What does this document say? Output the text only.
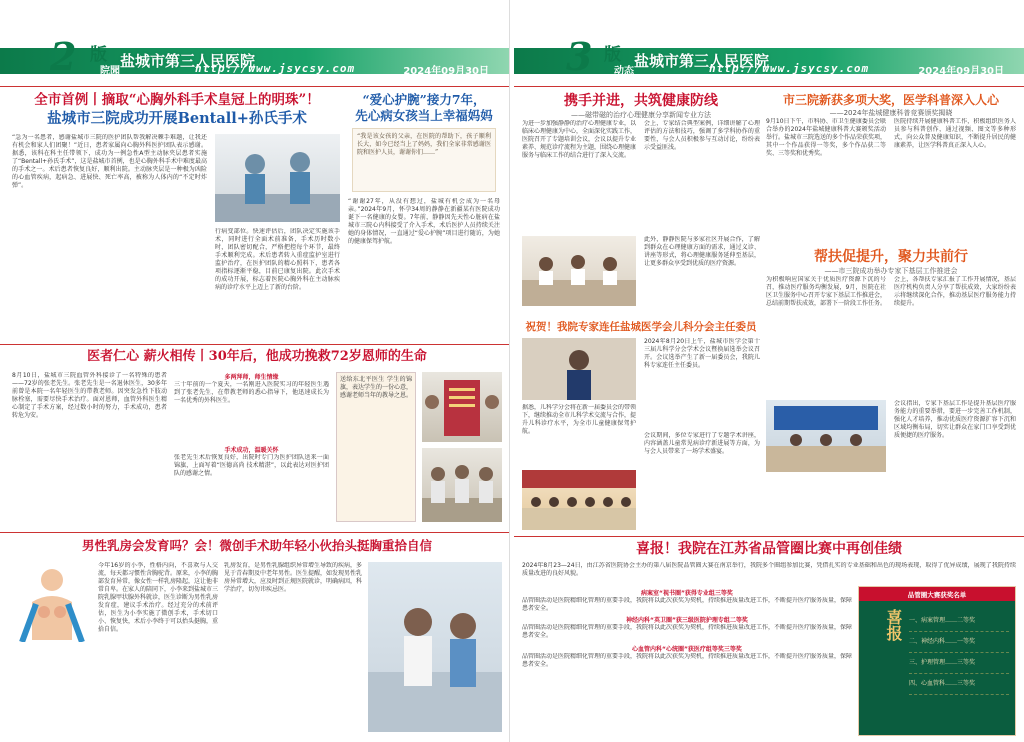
2 版 盐城市第三人民医院
院聞	http://www.jsycsy.com	2024年09月30日
全市首例丨摘取“心胸外科手术皇冠上的明珠”！
盐城市三院成功开展Bentall+孙氏手术
“急为一名患者，感谢盐城市三院的医护团队帮我解决棘手难题，让我还有机会和家人们团聚！”近日，患者家属向心胸外科医护团队表示感谢。据悉，该科在科主任带领下，成功为一例急性A型主动脉夹层患者实施了“Bentall+孙氏手术”，这是盐城市首例，也是心胸外科手术中难度最高的手术之一。术后患者恢复良好，顺利出院。主动脉夹层是一种极为凶险的心血管疾病，起病急、进展快、死亡率高，被称为人体内的“不定时炸弹”。
行病变部位。快速评估后，团队决定实施该手术，同时进行全面术前准备，手术历时数小时，团队密切配合，严格把控每个环节，最终手术顺利完成。术后患者转入重症监护室进行监护治疗，在医护团队的精心照料下，患者各项指标逐渐平稳，目前已康复出院。此次手术的成功开展，标志着医院心胸外科在主动脉疾病的诊疗水平上迈上了新的台阶。
“爱心护腕”接力7年，
先心病女孩当上幸福妈妈
“我是该女孩的父亲，在医院的帮助下，孩子顺利长大，如今已经当上了妈妈，我们全家非常感谢医院和医护人员，谢谢你们……”
“谢谢27年，从没有想过，盐城有机会成为一名母亲。”2024年9月，怀孕34周的静静在新疆某有医院成功诞下一名健康的女婴。7年前，静静因先天性心脏病在盐城市三院心内科接受了介入手术，术后医护人员持续关注她的身体情况，一直通过“爱心护腕”项目进行随访，为她的健康保驾护航。
医者仁心 薪火相传丨30年后，他成功挽救72岁恩师的生命
8月10日，盐城市三院血管外科接诊了一名特殊的患者——72岁的张老先生。张老先生是一名退休医生，30多年前曾是本院一名年轻医生的带教老师。因突发急性下肢动脉栓塞，需要尽快手术治疗。面对恩师，血管外科医生精心制定了手术方案，经过数小时的努力，手术成功，患者转危为安。
多两拜师，师生情缘
三十年前的一个夏天，一名刚进入医院实习的年轻医生遇到了张老先生，在带教老师的悉心指导下，他迅速成长为一名优秀的外科医生。
手术成功，温暖关怀
张老先生术后恢复良好，出院时专门为医护团队送来一面锦旗，上面写着“医德高尚 技术精湛”，以此表达对医护团队的感谢之情。
送给东北平医生 学生的锦旗，表达学生的一份心意，感谢老师当年的教导之恩。
男性乳房会发育吗？会！微创手术助年轻小伙抬头挺胸重拾自信
今年16岁的小李，性格内向，不喜欢与人交流，每天都习惯性含胸驼背。原来，小李的胸部发育异常，像女性一样乳房隆起，这让他非常自卑。在家人的陪同下，小李来到盐城市三院乳腺甲状腺外科就诊，医生诊断为男性乳房发育症，建议手术治疗。经过充分的术前评估，医生为小李实施了微创手术，手术切口小、恢复快，术后小李终于可以抬头挺胸，重拾自信。
乳房发育，是男性乳腺组织异常增生导致的疾病，多见于青春期及中老年男性。医生提醒，如发现男性乳房异常增大，应及时到正规医院就诊，明确病因，科学治疗，切勿讳疾忌医。
3 版 盐城市第三人民医院
动态	http://www.jsycsy.com	2024年09月30日
携手并进，共筑健康防线
——磁带磁的治疗心理健康分享新闻专业方法
为进一步加强静静的治疗心理健康专业，以临床心理健康为中心，全面深化实践工作，医院召开了专题培训会议，会议以提升专业素养、规范诊疗流程为主题，围绕心理健康服务与临床工作的结合进行了深入交流。
会上，专家结合典型案例，详细讲解了心理评估的方法和技巧，强调了多学科协作的重要性，与会人员积极参与互动讨论，纷纷表示受益匪浅。
此外，静静医院与多家社区开展合作，了解到群众在心理健康方面的需求，通过义诊、讲座等形式，将心理健康服务延伸至基层，让更多群众享受到优质的医疗资源。
市三院新获多项大奖，医学科普深入人心
——2024年盐城健康科普竞赛颁奖揭晓
9月10日下午，市科协、市卫生健康委员会联合举办的2024年盐城健康科普大赛颁奖活动举行。盐城市三院选送的多个作品荣获奖项，其中一个作品获得一等奖，多个作品获二等奖、三等奖和优秀奖。
医院持续开展健康科普工作，积极组织医务人员参与科普创作，通过视频、图文等多种形式，向公众普及健康知识，不断提升居民的健康素养，让医学科普真正深入人心。
帮扶促提升，聚力共前行
——市三院成功举办专家下基层工作推进会
为积极响应国家关于优质医疗资源下沉的号召，推动医疗服务均衡发展，9月，医院在社区卫生服务中心召开专家下基层工作推进会，总结前期帮扶成效，部署下一阶段工作任务。
会上，各帮扶专家汇报了工作开展情况，基层医疗机构负责人分享了帮扶成效，大家纷纷表示将继续深化合作，推动基层医疗服务能力持续提升。
会议指出，专家下基层工作是提升基层医疗服务能力的重要举措，要进一步完善工作机制，强化人才培养，推动优质医疗资源扩容下沉和区域均衡布局，切实让群众在家门口享受到优质便捷的医疗服务。
祝贺！我院专家连任盐城医学会儿科分会主任委员
2024年8月20日上午，盐城市医学会第十三届儿科学分会学术会议暨换届选举会议召开。会议选举产生了新一届委员会，我院儿科专家连任主任委员。
据悉，儿科学分会将在新一届委员会的带领下，继续推动全市儿科学术交流与合作，提升儿科诊疗水平，为全市儿童健康保驾护航。
会议期间，多位专家进行了专题学术讲座，内容涵盖儿童常见病诊疗新进展等方面，为与会人员带来了一场学术盛宴。
喜报！我院在江苏省品管圈比赛中再创佳绩
2024年8月23—24日，由江苏省医院协会主办的第八届医院品管圈大赛在南京举行，我院多个圈组参加比赛，凭借扎实的专业基础和出色的现场表现，取得了优异成绩，展现了我院持续质量改进的良好风貌。
病案室“视书圈”获得专业组三等奖
品管圈活动是医院精细化管理的重要手段，我院将以此次获奖为契机，持续推进质量改进工作，不断提升医疗服务质量，保障患者安全。
神经内科“英卫圈”获三级医院护理专组二等奖
品管圈活动是医院精细化管理的重要手段，我院将以此次获奖为契机，持续推进质量改进工作，不断提升医疗服务质量，保障患者安全。
心血管内科“心统圈”获医疗组等奖三等奖
品管圈活动是医院精细化管理的重要手段，我院将以此次获奖为契机，持续推进质量改进工作，不断提升医疗服务质量，保障患者安全。
品管圈大赛获奖名单
喜报	一、病案管理……二等奖
二、神经内科……一等奖
三、护理管理……三等奖
四、心血管科……三等奖
